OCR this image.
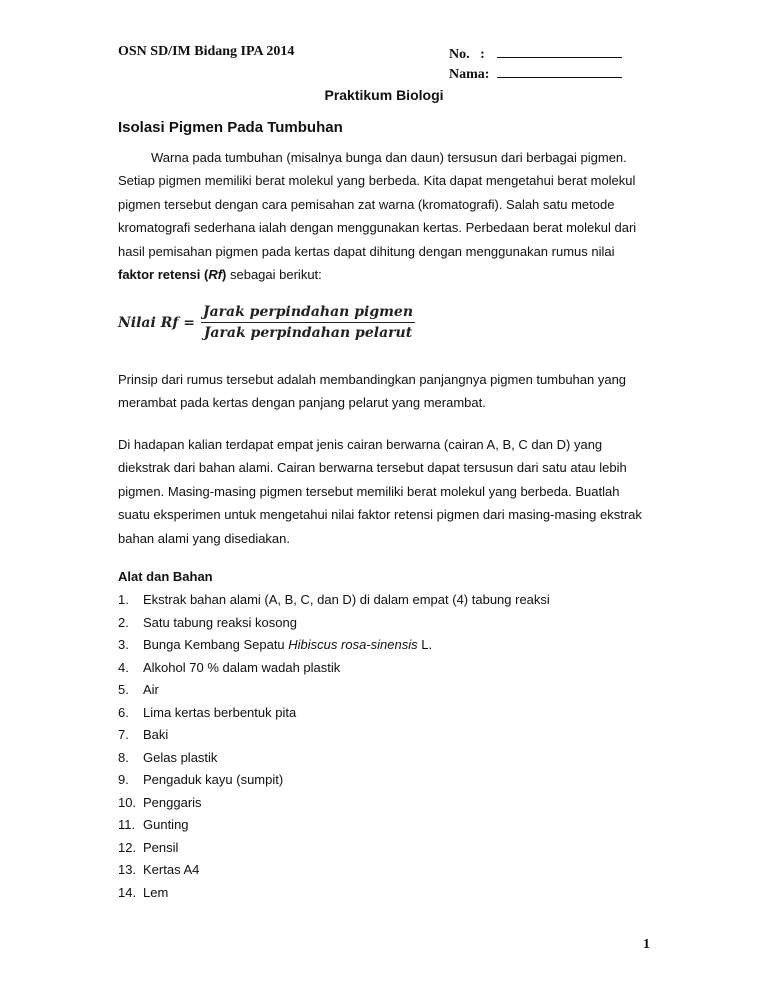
OSN SD/IM Bidang IPA 2014	No. :
Nama:
Praktikum Biologi
Isolasi Pigmen Pada Tumbuhan
Warna pada tumbuhan (misalnya bunga dan daun) tersusun dari berbagai pigmen. Setiap pigmen memiliki berat molekul yang berbeda. Kita dapat mengetahui berat molekul pigmen tersebut dengan cara pemisahan zat warna (kromatografi). Salah satu metode kromatografi sederhana ialah dengan menggunakan kertas. Perbedaan berat molekul dari hasil pemisahan pigmen pada kertas dapat dihitung dengan menggunakan rumus nilai faktor retensi (Rf) sebagai berikut:
Nilai $Rf = \frac{\text{Jarak perpindahan pigmen}}{\text{Jarak perpindahan pelarut}}$
Prinsip dari rumus tersebut adalah membandingkan panjangnya pigmen tumbuhan yang merambat pada kertas dengan panjang pelarut yang merambat.
Di hadapan kalian terdapat empat jenis cairan berwarna (cairan A, B, C dan D) yang diekstrak dari bahan alami. Cairan berwarna tersebut dapat tersusun dari satu atau lebih pigmen. Masing-masing pigmen tersebut memiliki berat molekul yang berbeda. Buatlah suatu eksperimen untuk mengetahui nilai faktor retensi pigmen dari masing-masing ekstrak bahan alami yang disediakan.
Alat dan Bahan
1.	Ekstrak bahan alami (A, B, C, dan D) di dalam empat (4) tabung reaksi
2.	Satu tabung reaksi kosong
3.	Bunga Kembang Sepatu Hibiscus rosa-sinensis L.
4.	Alkohol 70 % dalam wadah plastik
5.	Air
6.	Lima kertas berbentuk pita
7.	Baki
8.	Gelas plastik
9.	Pengaduk kayu (sumpit)
10. Penggaris
11. Gunting
12. Pensil
13. Kertas A4
14. Lem
1
